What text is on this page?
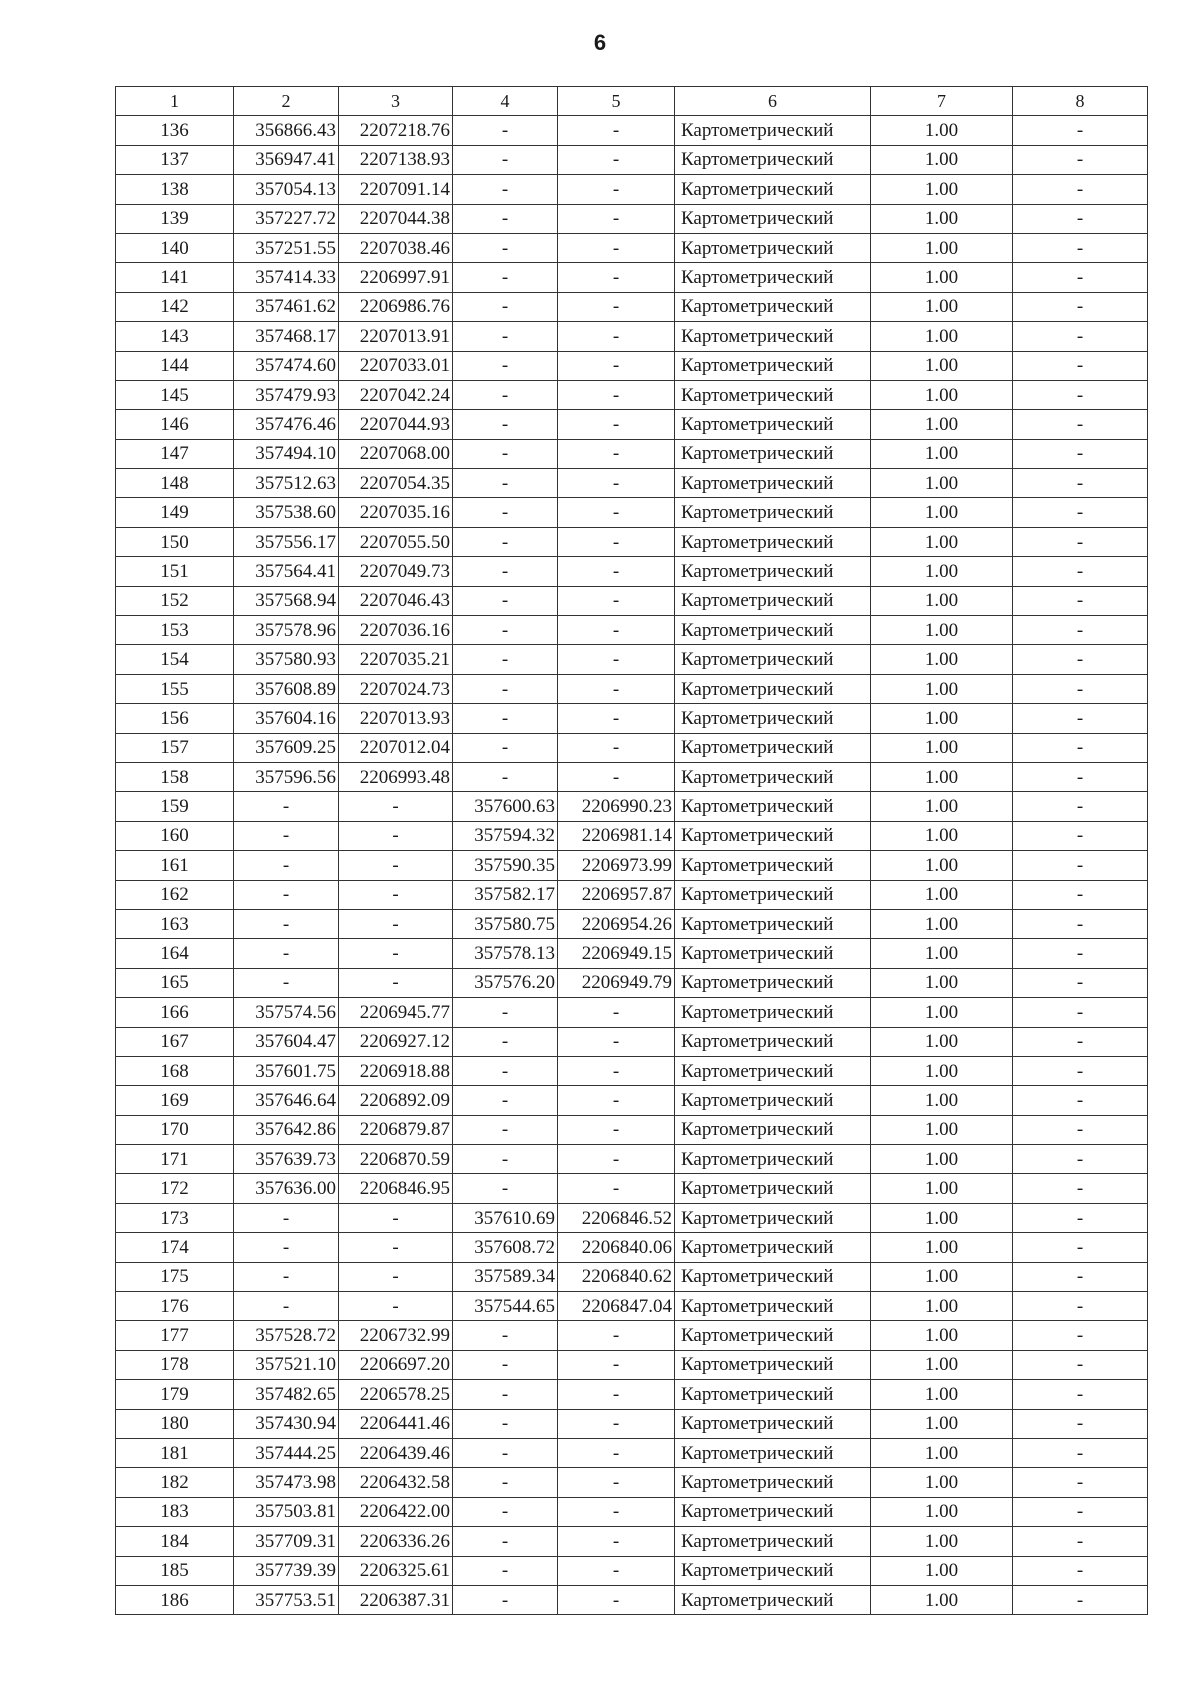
6
1	2	3	4	5	6	7	8
136	356866.43	2207218.76	-	-	Картометрический	1.00	-
137	356947.41	2207138.93	-	-	Картометрический	1.00	-
138	357054.13	2207091.14	-	-	Картометрический	1.00	-
139	357227.72	2207044.38	-	-	Картометрический	1.00	-
140	357251.55	2207038.46	-	-	Картометрический	1.00	-
141	357414.33	2206997.91	-	-	Картометрический	1.00	-
142	357461.62	2206986.76	-	-	Картометрический	1.00	-
143	357468.17	2207013.91	-	-	Картометрический	1.00	-
144	357474.60	2207033.01	-	-	Картометрический	1.00	-
145	357479.93	2207042.24	-	-	Картометрический	1.00	-
146	357476.46	2207044.93	-	-	Картометрический	1.00	-
147	357494.10	2207068.00	-	-	Картометрический	1.00	-
148	357512.63	2207054.35	-	-	Картометрический	1.00	-
149	357538.60	2207035.16	-	-	Картометрический	1.00	-
150	357556.17	2207055.50	-	-	Картометрический	1.00	-
151	357564.41	2207049.73	-	-	Картометрический	1.00	-
152	357568.94	2207046.43	-	-	Картометрический	1.00	-
153	357578.96	2207036.16	-	-	Картометрический	1.00	-
154	357580.93	2207035.21	-	-	Картометрический	1.00	-
155	357608.89	2207024.73	-	-	Картометрический	1.00	-
156	357604.16	2207013.93	-	-	Картометрический	1.00	-
157	357609.25	2207012.04	-	-	Картометрический	1.00	-
158	357596.56	2206993.48	-	-	Картометрический	1.00	-
159	-	-	357600.63	2206990.23	Картометрический	1.00	-
160	-	-	357594.32	2206981.14	Картометрический	1.00	-
161	-	-	357590.35	2206973.99	Картометрический	1.00	-
162	-	-	357582.17	2206957.87	Картометрический	1.00	-
163	-	-	357580.75	2206954.26	Картометрический	1.00	-
164	-	-	357578.13	2206949.15	Картометрический	1.00	-
165	-	-	357576.20	2206949.79	Картометрический	1.00	-
166	357574.56	2206945.77	-	-	Картометрический	1.00	-
167	357604.47	2206927.12	-	-	Картометрический	1.00	-
168	357601.75	2206918.88	-	-	Картометрический	1.00	-
169	357646.64	2206892.09	-	-	Картометрический	1.00	-
170	357642.86	2206879.87	-	-	Картометрический	1.00	-
171	357639.73	2206870.59	-	-	Картометрический	1.00	-
172	357636.00	2206846.95	-	-	Картометрический	1.00	-
173	-	-	357610.69	2206846.52	Картометрический	1.00	-
174	-	-	357608.72	2206840.06	Картометрический	1.00	-
175	-	-	357589.34	2206840.62	Картометрический	1.00	-
176	-	-	357544.65	2206847.04	Картометрический	1.00	-
177	357528.72	2206732.99	-	-	Картометрический	1.00	-
178	357521.10	2206697.20	-	-	Картометрический	1.00	-
179	357482.65	2206578.25	-	-	Картометрический	1.00	-
180	357430.94	2206441.46	-	-	Картометрический	1.00	-
181	357444.25	2206439.46	-	-	Картометрический	1.00	-
182	357473.98	2206432.58	-	-	Картометрический	1.00	-
183	357503.81	2206422.00	-	-	Картометрический	1.00	-
184	357709.31	2206336.26	-	-	Картометрический	1.00	-
185	357739.39	2206325.61	-	-	Картометрический	1.00	-
186	357753.51	2206387.31	-	-	Картометрический	1.00	-
